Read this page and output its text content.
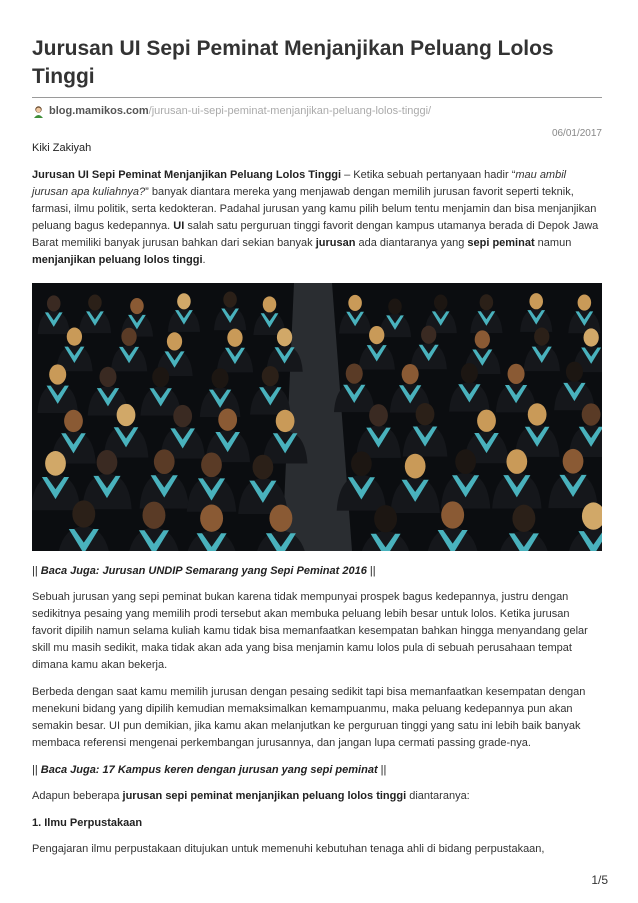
Jurusan UI Sepi Peminat Menjanjikan Peluang Lolos Tinggi
blog.mamikos.com /jurusan-ui-sepi-peminat-menjanjikan-peluang-lolos-tinggi/
06/01/2017
Kiki Zakiyah

Jurusan UI Sepi Peminat Menjanjikan Peluang Lolos Tinggi – Ketika sebuah pertanyaan hadir “mau ambil jurusan apa kuliahnya?” banyak diantara mereka yang menjawab dengan memilih jurusan favorit seperti teknik, farmasi, ilmu politik, serta kedokteran. Padahal jurusan yang kamu pilih belum tentu menjamin dan bisa menjanjikan peluang bagus kedepannya. UI salah satu perguruan tinggi favorit dengan kampus utamanya berada di Depok Jawa Barat memiliki banyak jurusan bahkan dari sekian banyak jurusan ada diantaranya yang sepi peminat namun menjanjikan peluang lolos tinggi.

|| Baca Juga: Jurusan UNDIP Semarang yang Sepi Peminat 2016 ||

Sebuah jurusan yang sepi peminat bukan karena tidak mempunyai prospek bagus kedepannya, justru dengan sedikitnya pesaing yang memilih prodi tersebut akan membuka peluang lebih besar untuk lolos. Ketika jurusan favorit dipilih namun selama kuliah kamu tidak bisa memanfaatkan kesempatan bahkan hingga menyandang gelar skill mu masih sedikit, maka tidak akan ada yang bisa menjamin kamu lolos pula di sebuah perusahaan tempat dimana kamu akan bekerja.

Berbeda dengan saat kamu memilih jurusan dengan pesaing sedikit tapi bisa memanfaatkan kesempatan dengan menekuni bidang yang dipilih kemudian memaksimalkan kemampuanmu, maka peluang kedepannya pun akan semakin besar. UI pun demikian, jika kamu akan melanjutkan ke perguruan tinggi yang satu ini lebih baik banyak membaca referensi mengenai perkembangan jurusannya, dan jangan lupa cermati passing grade-nya.

|| Baca Juga: 17 Kampus keren dengan jurusan yang sepi peminat ||

Adapun beberapa jurusan sepi peminat menjanjikan peluang lolos tinggi diantaranya:

1. Ilmu Perpustakaan

Pengajaran ilmu perpustakaan ditujukan untuk memenuhi kebutuhan tenaga ahli di bidang perpustakaan,

1/5
